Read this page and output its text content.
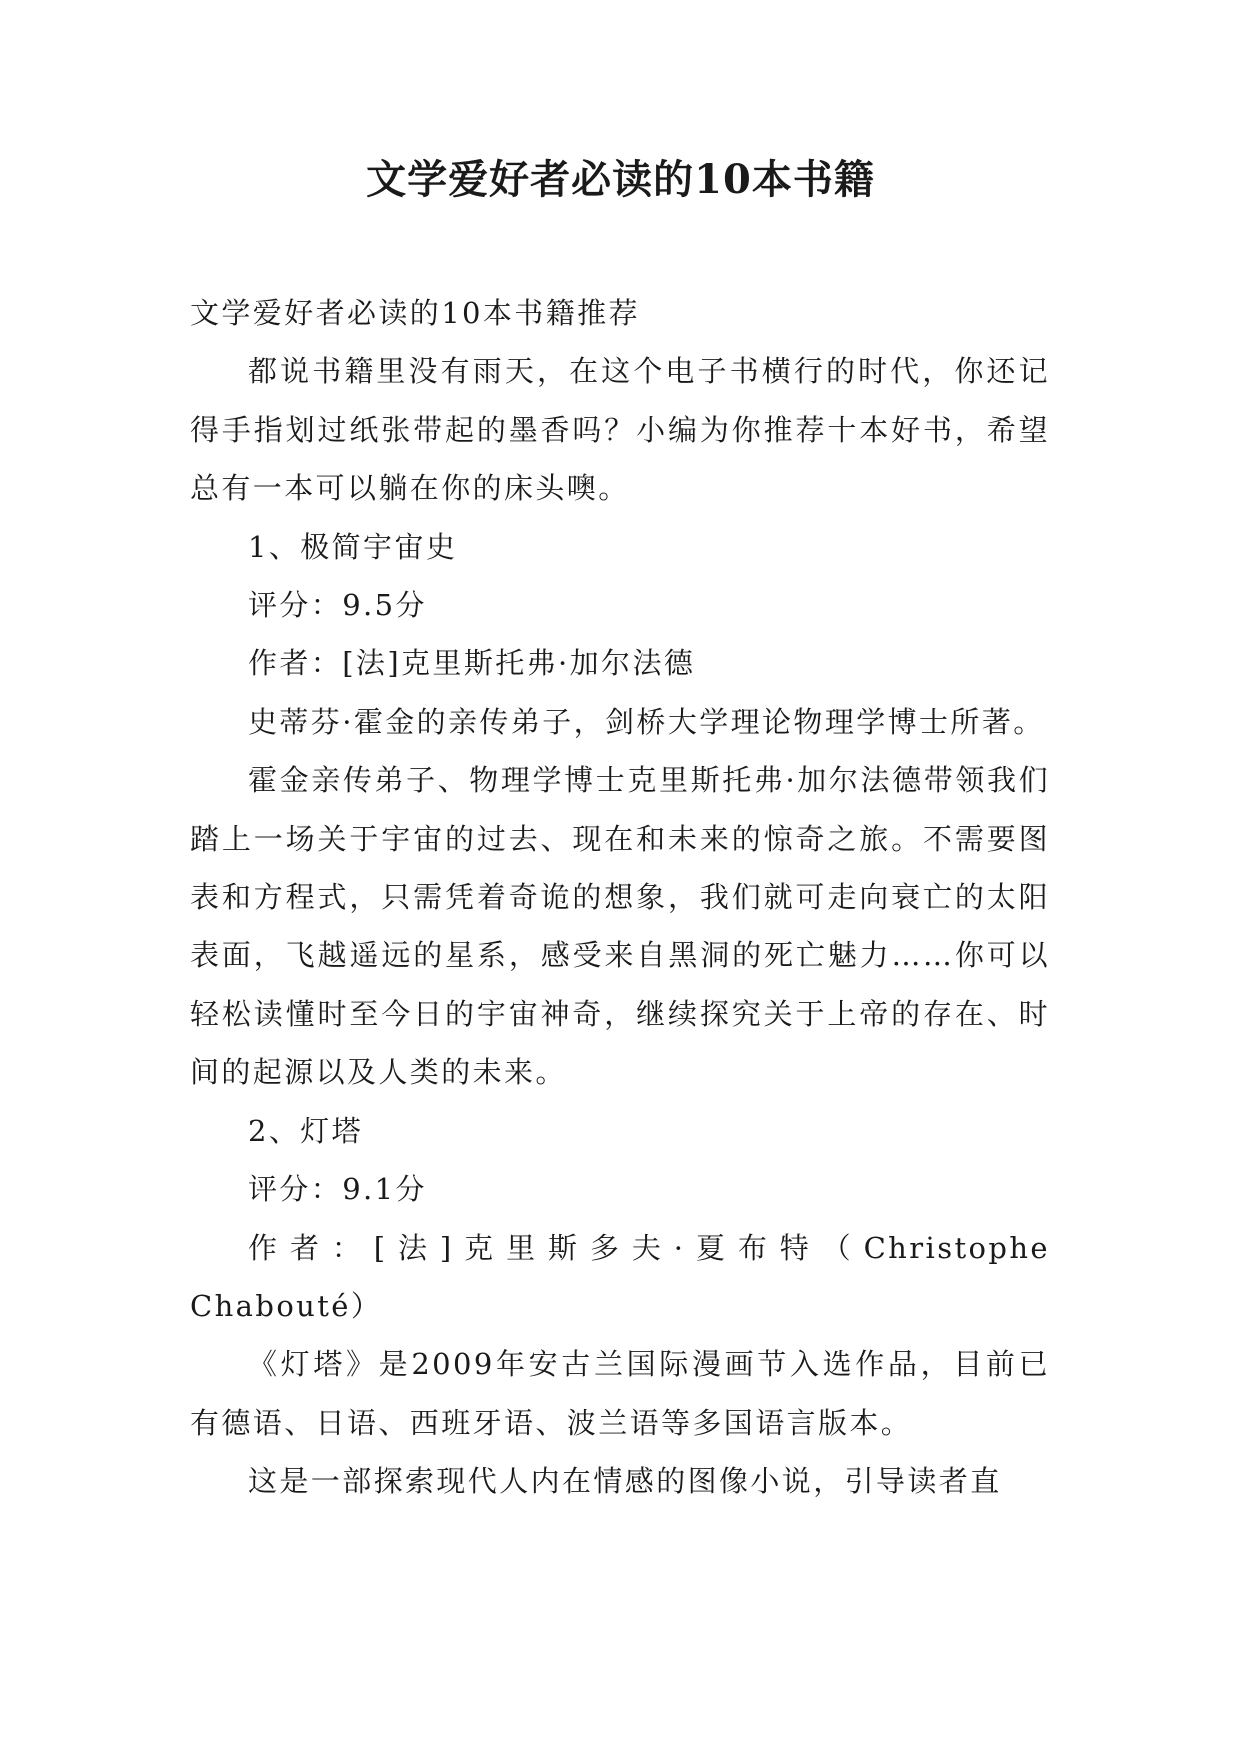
文学爱好者必读的10本书籍

文学爱好者必读的10本书籍推荐

都说书籍里没有雨天，在这个电子书横行的时代，你还记得手指划过纸张带起的墨香吗？小编为你推荐十本好书，希望总有一本可以躺在你的床头噢。

1、极简宇宙史

评分：9.5分

作者：[法]克里斯托弗·加尔法德

史蒂芬·霍金的亲传弟子，剑桥大学理论物理学博士所著。

霍金亲传弟子、物理学博士克里斯托弗·加尔法德带领我们踏上一场关于宇宙的过去、现在和未来的惊奇之旅。不需要图表和方程式，只需凭着奇诡的想象，我们就可走向衰亡的太阳表面，飞越遥远的星系，感受来自黑洞的死亡魅力……你可以轻松读懂时至今日的宇宙神奇，继续探究关于上帝的存在、时间的起源以及人类的未来。

2、灯塔

评分：9.1分

作者：[法]克里斯多夫·夏布特（Christophe Chabouté）

《灯塔》是2009年安古兰国际漫画节入选作品，目前已有德语、日语、西班牙语、波兰语等多国语言版本。

这是一部探索现代人内在情感的图像小说，引导读者直
